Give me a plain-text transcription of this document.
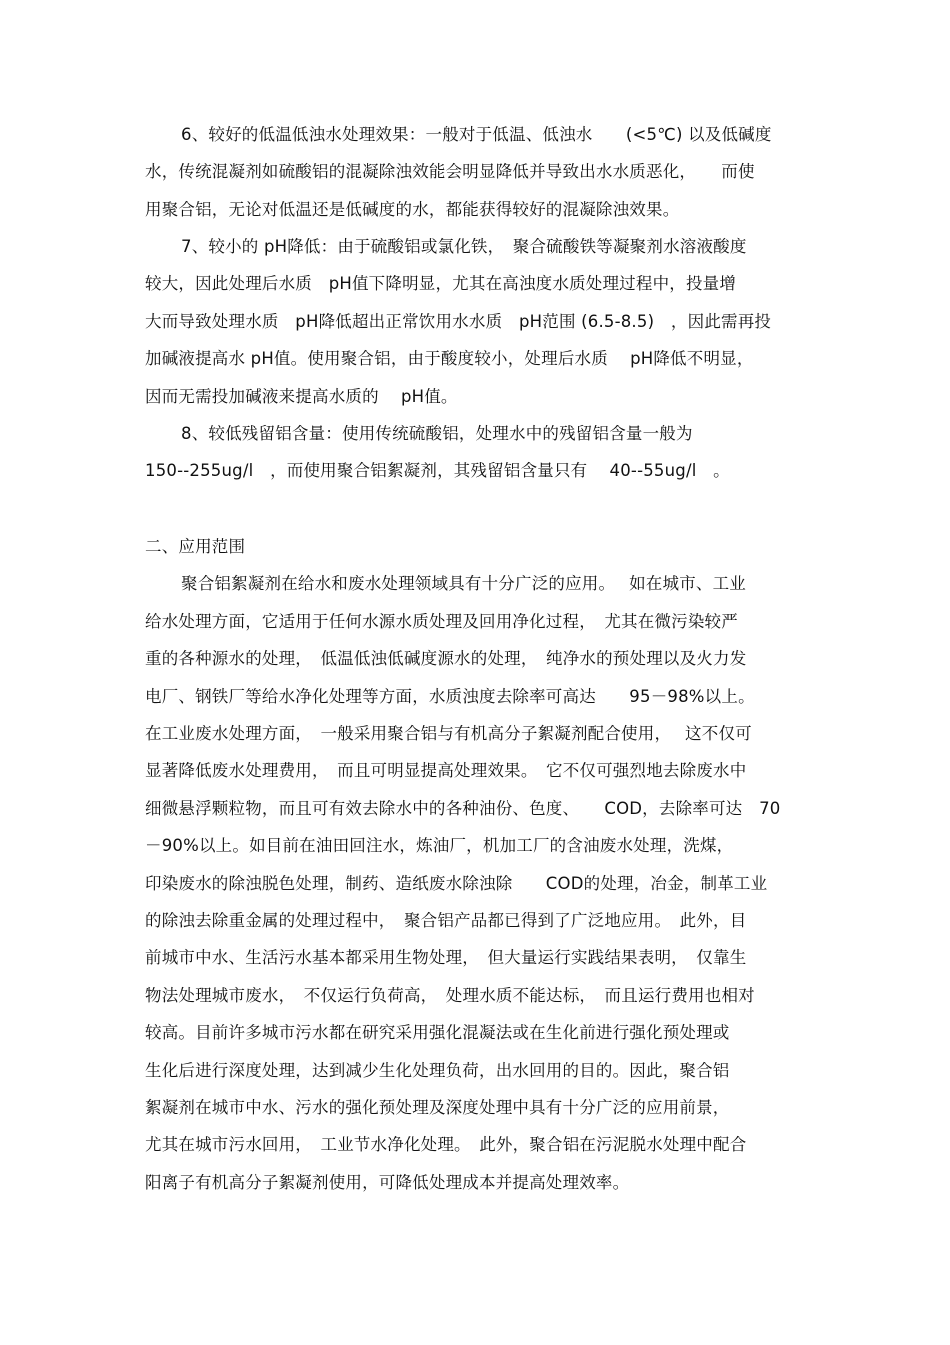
6、较好的低温低浊水处理效果：一般对于低温、低浊水　　(<5℃) 以及低碱度
水，传统混凝剂如硫酸铝的混凝除浊效能会明显降低并导致出水水质恶化，　　而使
用聚合铝，无论对低温还是低碱度的水，都能获得较好的混凝除浊效果。
7、较小的 pH降低：由于硫酸铝或氯化铁，　聚合硫酸铁等凝聚剂水溶液酸度
较大，因此处理后水质　pH值下降明显，尤其在高浊度水质处理过程中，投量增
大而导致处理水质　pH降低超出正常饮用水水质　pH范围 (6.5-8.5)　，因此需再投
加碱液提高水 pH值。使用聚合铝，由于酸度较小，处理后水质　 pH降低不明显，
因而无需投加碱液来提高水质的　 pH值。
8、较低残留铝含量：使用传统硫酸铝，处理水中的残留铝含量一般为
150--255ug/l　，而使用聚合铝絮凝剂，其残留铝含量只有　 40--55ug/l　。
二、应用范围
聚合铝絮凝剂在给水和废水处理领域具有十分广泛的应用。　 如在城市、工业
给水处理方面，它适用于任何水源水质处理及回用净化过程，　尤其在微污染较严
重的各种源水的处理，　低温低浊低碱度源水的处理，　纯净水的预处理以及火力发
电厂、钢铁厂等给水净化处理等方面，水质浊度去除率可高达　　95－98%以上。
在工业废水处理方面，　一般采用聚合铝与有机高分子絮凝剂配合使用，　 这不仅可
显著降低废水处理费用，　而且可明显提高处理效果。　它不仅可强烈地去除废水中
细微悬浮颗粒物，而且可有效去除水中的各种油份、色度、　　COD，去除率可达　70
－90%以上。如目前在油田回注水，炼油厂，机加工厂的含油废水处理，洗煤，
印染废水的除浊脱色处理，制药、造纸废水除浊除　　COD的处理，冶金，制革工业
的除浊去除重金属的处理过程中，　聚合铝产品都已得到了广泛地应用。　此外，目
前城市中水、生活污水基本都采用生物处理，　但大量运行实践结果表明，　仅靠生
物法处理城市废水，　不仅运行负荷高，　处理水质不能达标，　而且运行费用也相对
较高。目前许多城市污水都在研究采用强化混凝法或在生化前进行强化预处理或
生化后进行深度处理，达到减少生化处理负荷，出水回用的目的。因此，聚合铝
絮凝剂在城市中水、污水的强化预处理及深度处理中具有十分广泛的应用前景，
尤其在城市污水回用，　工业节水净化处理。　此外，聚合铝在污泥脱水处理中配合
阳离子有机高分子絮凝剂使用，可降低处理成本并提高处理效率。
